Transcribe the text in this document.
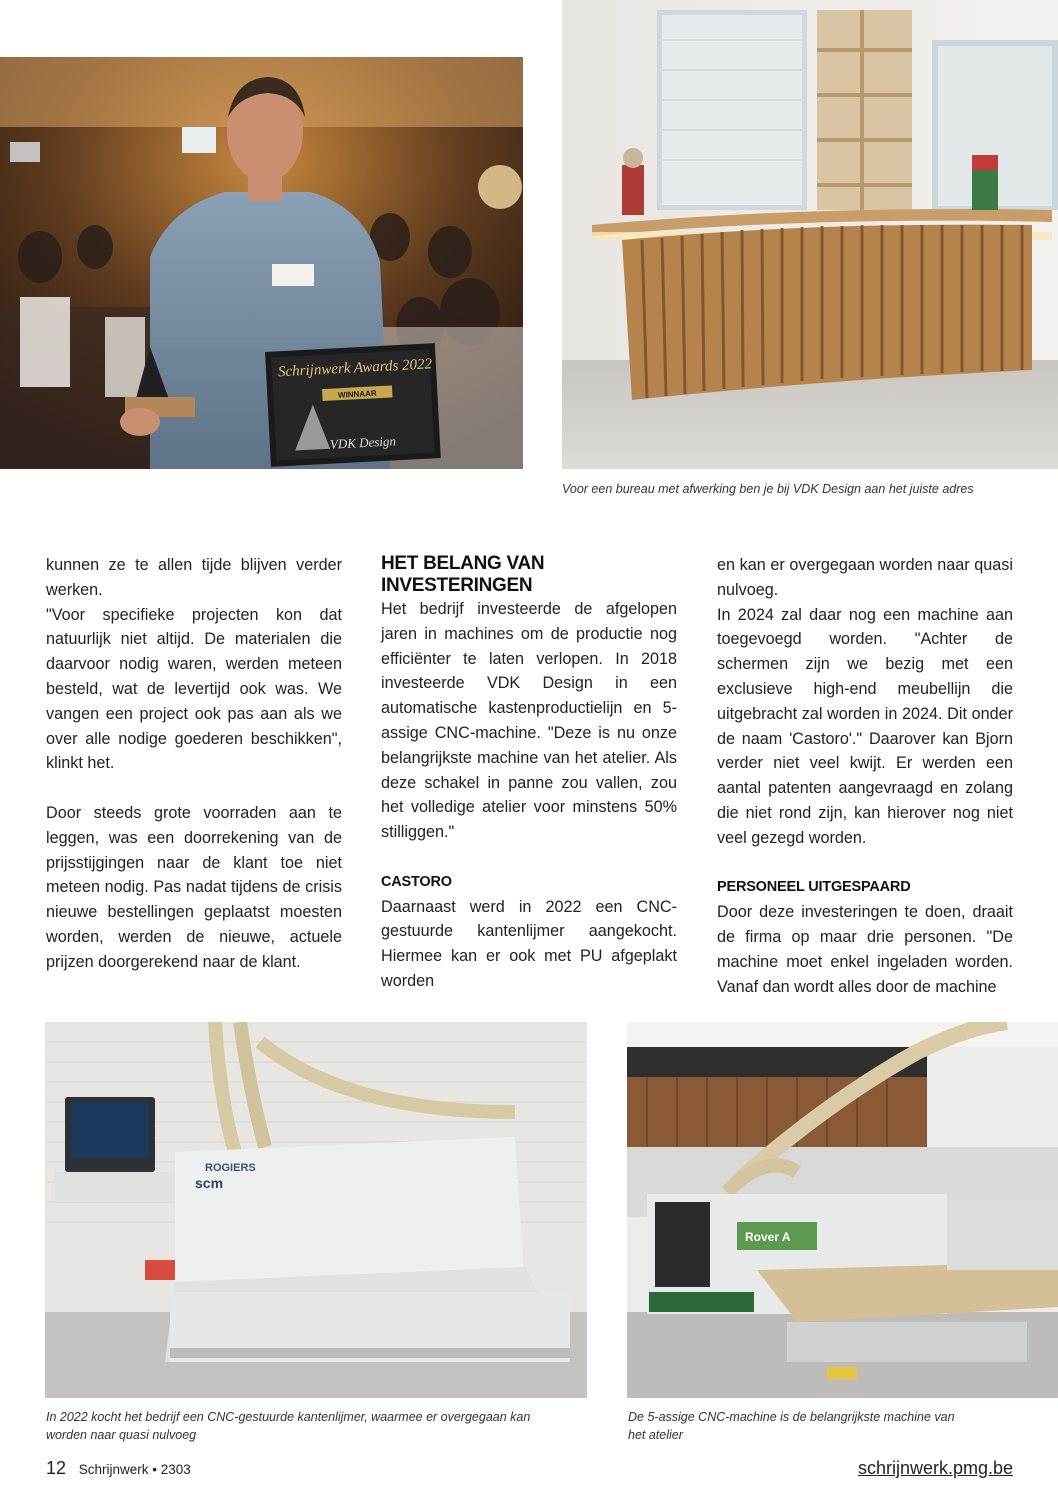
Schrijnwerk Awards 2022
WINNAAR
VDK Design
Voor een bureau met afwerking ben je bij VDK Design aan het juiste adres

kunnen ze te allen tijde blijven verder werken.

"Voor specifieke projecten kon dat natuurlijk niet altijd. De materialen die daarvoor nodig waren, werden meteen besteld, wat de levertijd ook was. We vangen een project ook pas aan als we over alle nodige goederen beschikken", klinkt het.

Door steeds grote voorraden aan te leggen, was een doorrekening van de prijsstijgingen naar de klant toe niet meteen nodig. Pas nadat tijdens de crisis nieuwe bestellingen geplaatst moesten worden, werden de nieuwe, actuele prijzen doorgerekend naar de klant.

HET BELANG VAN INVESTERINGEN

Het bedrijf investeerde de afgelopen jaren in machines om de productie nog efficiënter te laten verlopen. In 2018 investeerde VDK Design in een automatische kastenproductielijn en 5-assige CNC-machine. "Deze is nu onze belangrijkste machine van het atelier. Als deze schakel in panne zou vallen, zou het volledige atelier voor minstens 50% stilliggen."

CASTORO

Daarnaast werd in 2022 een CNC-gestuurde kantenlijmer aangekocht. Hiermee kan er ook met PU afgeplakt worden

en kan er overgegaan worden naar quasi nulvoeg.

In 2024 zal daar nog een machine aan toegevoegd worden. "Achter de schermen zijn we bezig met een exclusieve high-end meubellijn die uitgebracht zal worden in 2024. Dit onder de naam 'Castoro'." Daarover kan Bjorn verder niet veel kwijt. Er werden een aantal patenten aangevraagd en zolang die niet rond zijn, kan hierover nog niet veel gezegd worden.

PERSONEEL UITGESPAARD

Door deze investeringen te doen, draait de firma op maar drie personen. "De machine moet enkel ingeladen worden. Vanaf dan wordt alles door de machine

ROGIERS
scm
In 2022 kocht het bedrijf een CNC-gestuurde kantenlijmer, waarmee er overgegaan kan worden naar quasi nulvoeg
Rover A
De 5-assige CNC-machine is de belangrijkste machine van het atelier
12 Schrijnwerk • 2303	schrijnwerk.pmg.be
